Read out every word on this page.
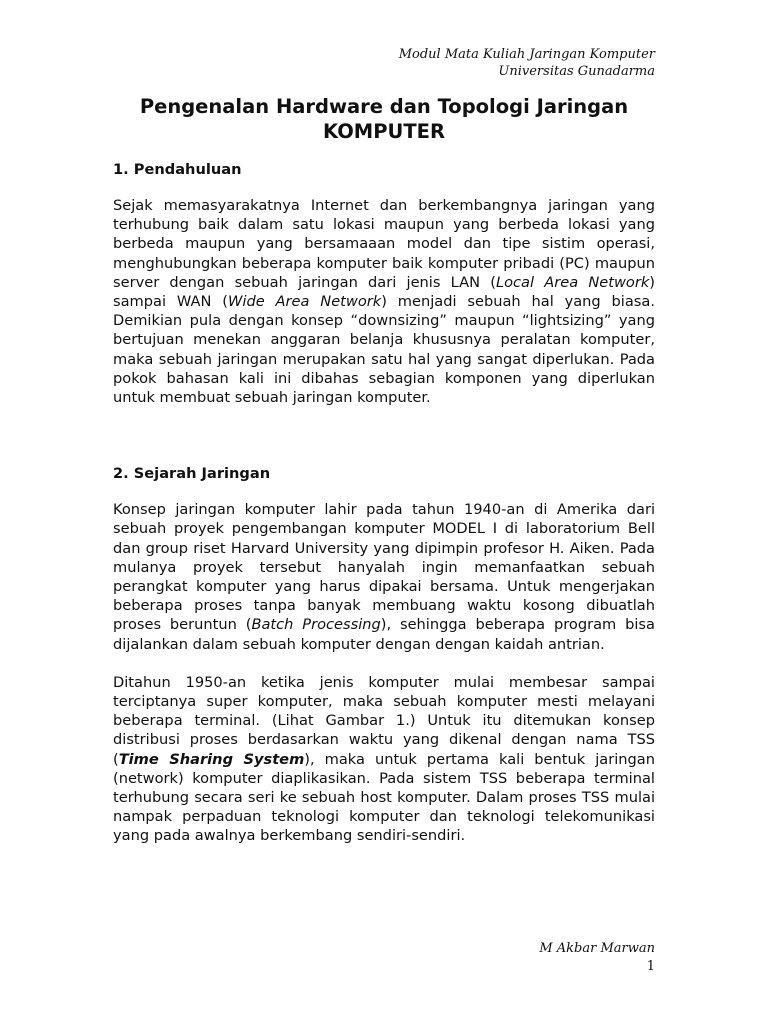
Modul Mata Kuliah Jaringan Komputer
Universitas Gunadarma
Pengenalan Hardware dan Topologi Jaringan
KOMPUTER
1. Pendahuluan

Sejak memasyarakatnya Internet dan berkembangnya jaringan yang terhubung baik dalam satu lokasi maupun yang berbeda lokasi yang berbeda maupun yang bersamaaan model dan tipe sistim operasi, menghubungkan beberapa komputer baik komputer pribadi (PC) maupun server dengan sebuah jaringan dari jenis LAN (Local Area Network) sampai WAN (Wide Area Network) menjadi sebuah hal yang biasa. Demikian pula dengan konsep “downsizing” maupun “lightsizing” yang bertujuan menekan anggaran belanja khususnya peralatan komputer, maka sebuah jaringan merupakan satu hal yang sangat diperlukan. Pada pokok bahasan kali ini dibahas sebagian komponen yang diperlukan untuk membuat sebuah jaringan komputer.

2. Sejarah Jaringan

Konsep jaringan komputer lahir pada tahun 1940-an di Amerika dari sebuah proyek pengembangan komputer MODEL I di laboratorium Bell dan group riset Harvard University yang dipimpin profesor H. Aiken. Pada mulanya proyek tersebut hanyalah ingin memanfaatkan sebuah perangkat komputer yang harus dipakai bersama. Untuk mengerjakan beberapa proses tanpa banyak membuang waktu kosong dibuatlah proses beruntun (Batch Processing), sehingga beberapa program bisa dijalankan dalam sebuah komputer dengan dengan kaidah antrian.

Ditahun 1950-an ketika jenis komputer mulai membesar sampai terciptanya super komputer, maka sebuah komputer mesti melayani beberapa terminal. (Lihat Gambar 1.) Untuk itu ditemukan konsep distribusi proses berdasarkan waktu yang dikenal dengan nama TSS (Time Sharing System), maka untuk pertama kali bentuk jaringan (network) komputer diaplikasikan. Pada sistem TSS beberapa terminal terhubung secara seri ke sebuah host komputer. Dalam proses TSS mulai nampak perpaduan teknologi komputer dan teknologi telekomunikasi yang pada awalnya berkembang sendiri-sendiri.

M Akbar Marwan
1
